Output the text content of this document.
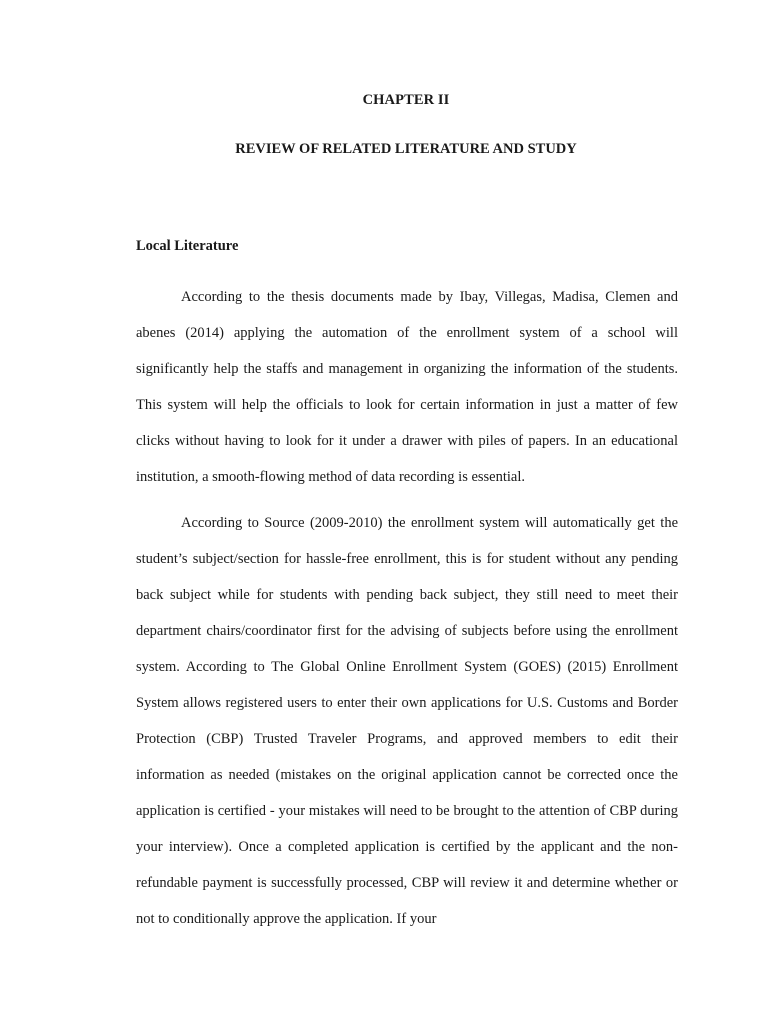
CHAPTER II
REVIEW OF RELATED LITERATURE AND STUDY
Local Literature

According to the thesis documents made by Ibay, Villegas, Madisa, Clemen and abenes (2014) applying the automation of the enrollment system of a school will significantly help the staffs and management in organizing the information of the students. This system will help the officials to look for certain information in just a matter of few clicks without having to look for it under a drawer with piles of papers. In an educational institution, a smooth-flowing method of data recording is essential.

According to Source (2009-2010) the enrollment system will automatically get the student’s subject/section for hassle-free enrollment, this is for student without any pending back subject while for students with pending back subject, they still need to meet their department chairs/coordinator first for the advising of subjects before using the enrollment system. According to The Global Online Enrollment System (GOES) (2015) Enrollment System allows registered users to enter their own applications for U.S. Customs and Border Protection (CBP) Trusted Traveler Programs, and approved members to edit their information as needed (mistakes on the original application cannot be corrected once the application is certified - your mistakes will need to be brought to the attention of CBP during your interview). Once a completed application is certified by the applicant and the non-refundable payment is successfully processed, CBP will review it and determine whether or not to conditionally approve the application. If your
